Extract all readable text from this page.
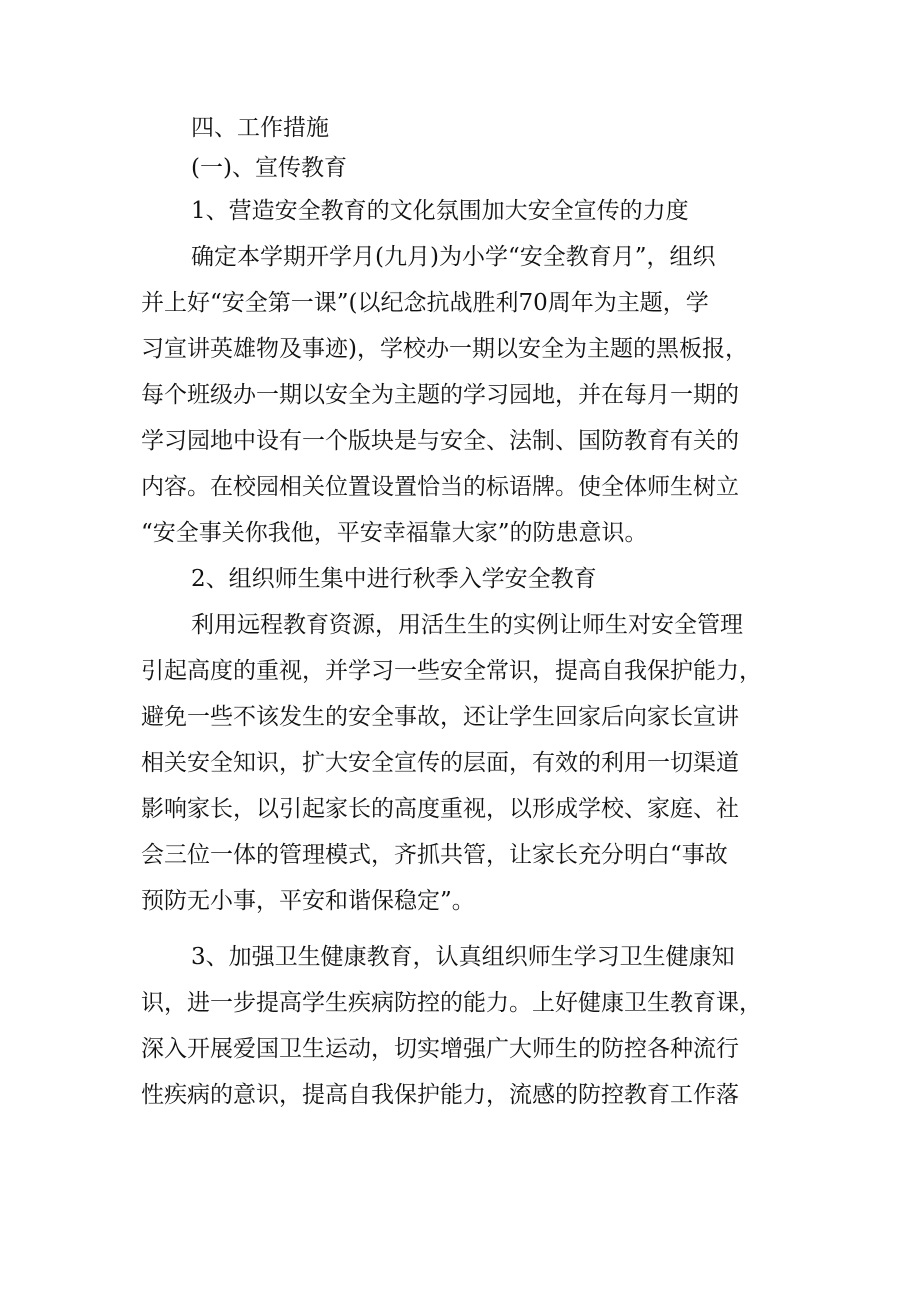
四、工作措施
(一)、宣传教育
1、营造安全教育的文化氛围加大安全宣传的力度
确定本学期开学月(九月)为小学“安全教育月”，组织
并上好“安全第一课”(以纪念抗战胜利70周年为主题，学
习宣讲英雄物及事迹)，学校办一期以安全为主题的黑板报，
每个班级办一期以安全为主题的学习园地，并在每月一期的
学习园地中设有一个版块是与安全、法制、国防教育有关的
内容。在校园相关位置设置恰当的标语牌。使全体师生树立
“安全事关你我他，平安幸福靠大家”的防患意识。
2、组织师生集中进行秋季入学安全教育
利用远程教育资源，用活生生的实例让师生对安全管理
引起高度的重视，并学习一些安全常识，提高自我保护能力，
避免一些不该发生的安全事故，还让学生回家后向家长宣讲
相关安全知识，扩大安全宣传的层面，有效的利用一切渠道
影响家长，以引起家长的高度重视，以形成学校、家庭、社
会三位一体的管理模式，齐抓共管，让家长充分明白“事故
预防无小事，平安和谐保稳定”。
3、加强卫生健康教育，认真组织师生学习卫生健康知
识，进一步提高学生疾病防控的能力。上好健康卫生教育课，
深入开展爱国卫生运动，切实增强广大师生的防控各种流行
性疾病的意识，提高自我保护能力，流感的防控教育工作落
